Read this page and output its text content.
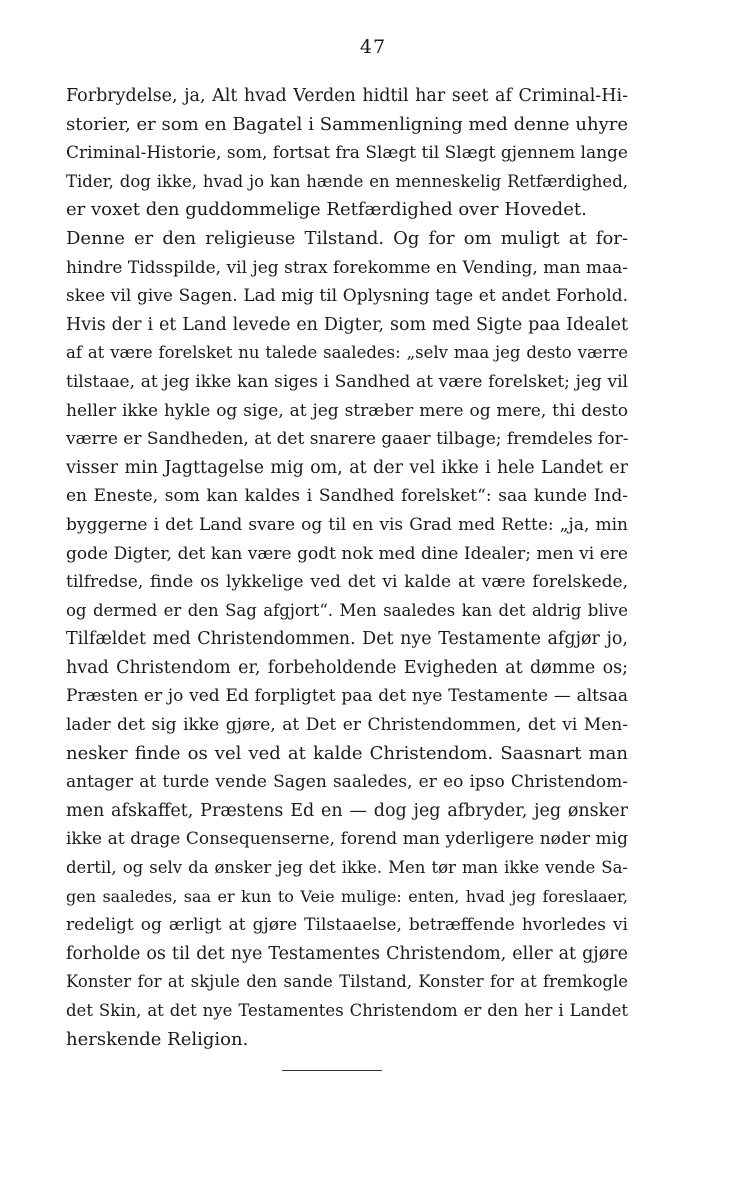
47
Forbrydelse, ja, Alt hvad Verden hidtil har seet af Criminal-Hi-
storier, er som en Bagatel i Sammenligning med denne uhyre
Criminal-Historie, som, fortsat fra Slægt til Slægt gjennem lange
Tider, dog ikke, hvad jo kan hænde en menneskelig Retfærdighed,
er voxet den guddommelige Retfærdighed over Hovedet.
Denne er den religieuse Tilstand. Og for om muligt at for-
hindre Tidsspilde, vil jeg strax forekomme en Vending, man maa-
skee vil give Sagen. Lad mig til Oplysning tage et andet Forhold.
Hvis der i et Land levede en Digter, som med Sigte paa Idealet
af at være forelsket nu talede saaledes: „selv maa jeg desto værre
tilstaae, at jeg ikke kan siges i Sandhed at være forelsket; jeg vil
heller ikke hykle og sige, at jeg stræber mere og mere, thi desto
værre er Sandheden, at det snarere gaaer tilbage; fremdeles for-
visser min Jagttagelse mig om, at der vel ikke i hele Landet er
en Eneste, som kan kaldes i Sandhed forelsket“: saa kunde Ind-
byggerne i det Land svare og til en vis Grad med Rette: „ja, min
gode Digter, det kan være godt nok med dine Idealer; men vi ere
tilfredse, finde os lykkelige ved det vi kalde at være forelskede,
og dermed er den Sag afgjort“. Men saaledes kan det aldrig blive
Tilfældet med Christendommen. Det nye Testamente afgjør jo,
hvad Christendom er, forbeholdende Evigheden at dømme os;
Præsten er jo ved Ed forpligtet paa det nye Testamente — altsaa
lader det sig ikke gjøre, at Det er Christendommen, det vi Men-
nesker finde os vel ved at kalde Christendom. Saasnart man
antager at turde vende Sagen saaledes, er eo ipso Christendom-
men afskaffet, Præstens Ed en — dog jeg afbryder, jeg ønsker
ikke at drage Consequenserne, forend man yderligere nøder mig
dertil, og selv da ønsker jeg det ikke. Men tør man ikke vende Sa-
gen saaledes, saa er kun to Veie mulige: enten, hvad jeg foreslaaer,
redeligt og ærligt at gjøre Tilstaaelse, betræffende hvorledes vi
forholde os til det nye Testamentes Christendom, eller at gjøre
Konster for at skjule den sande Tilstand, Konster for at fremkogle
det Skin, at det nye Testamentes Christendom er den her i Landet
herskende Religion.
